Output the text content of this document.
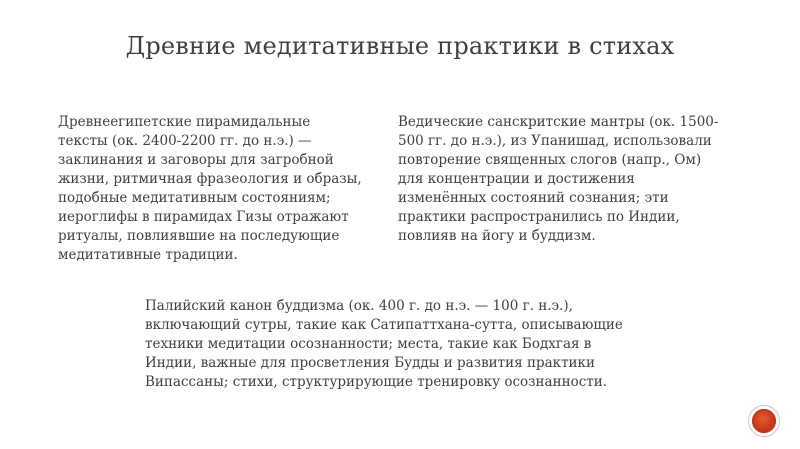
Древние медитативные практики в стихах

Древнеегипетские пирамидальные
тексты (ок. 2400-2200 гг. до н.э.) —
заклинания и заговоры для загробной
жизни, ритмичная фразеология и образы,
подобные медитативным состояниям;
иероглифы в пирамидах Гизы отражают
ритуалы, повлиявшие на последующие
медитативные традиции.

Ведические санскритские мантры (ок. 1500-
500 гг. до н.э.), из Упанишад, использовали
повторение священных слогов (напр., Ом)
для концентрации и достижения
изменённых состояний сознания; эти
практики распространились по Индии,
повлияв на йогу и буддизм.

Палийский канон буддизма (ок. 400 г. до н.э. — 100 г. н.э.),
включающий сутры, такие как Сатипаттхана-сутта, описывающие
техники медитации осознанности; места, такие как Бодхгая в
Индии, важные для просветления Будды и развития практики
Випассаны; стихи, структурирующие тренировку осознанности.
